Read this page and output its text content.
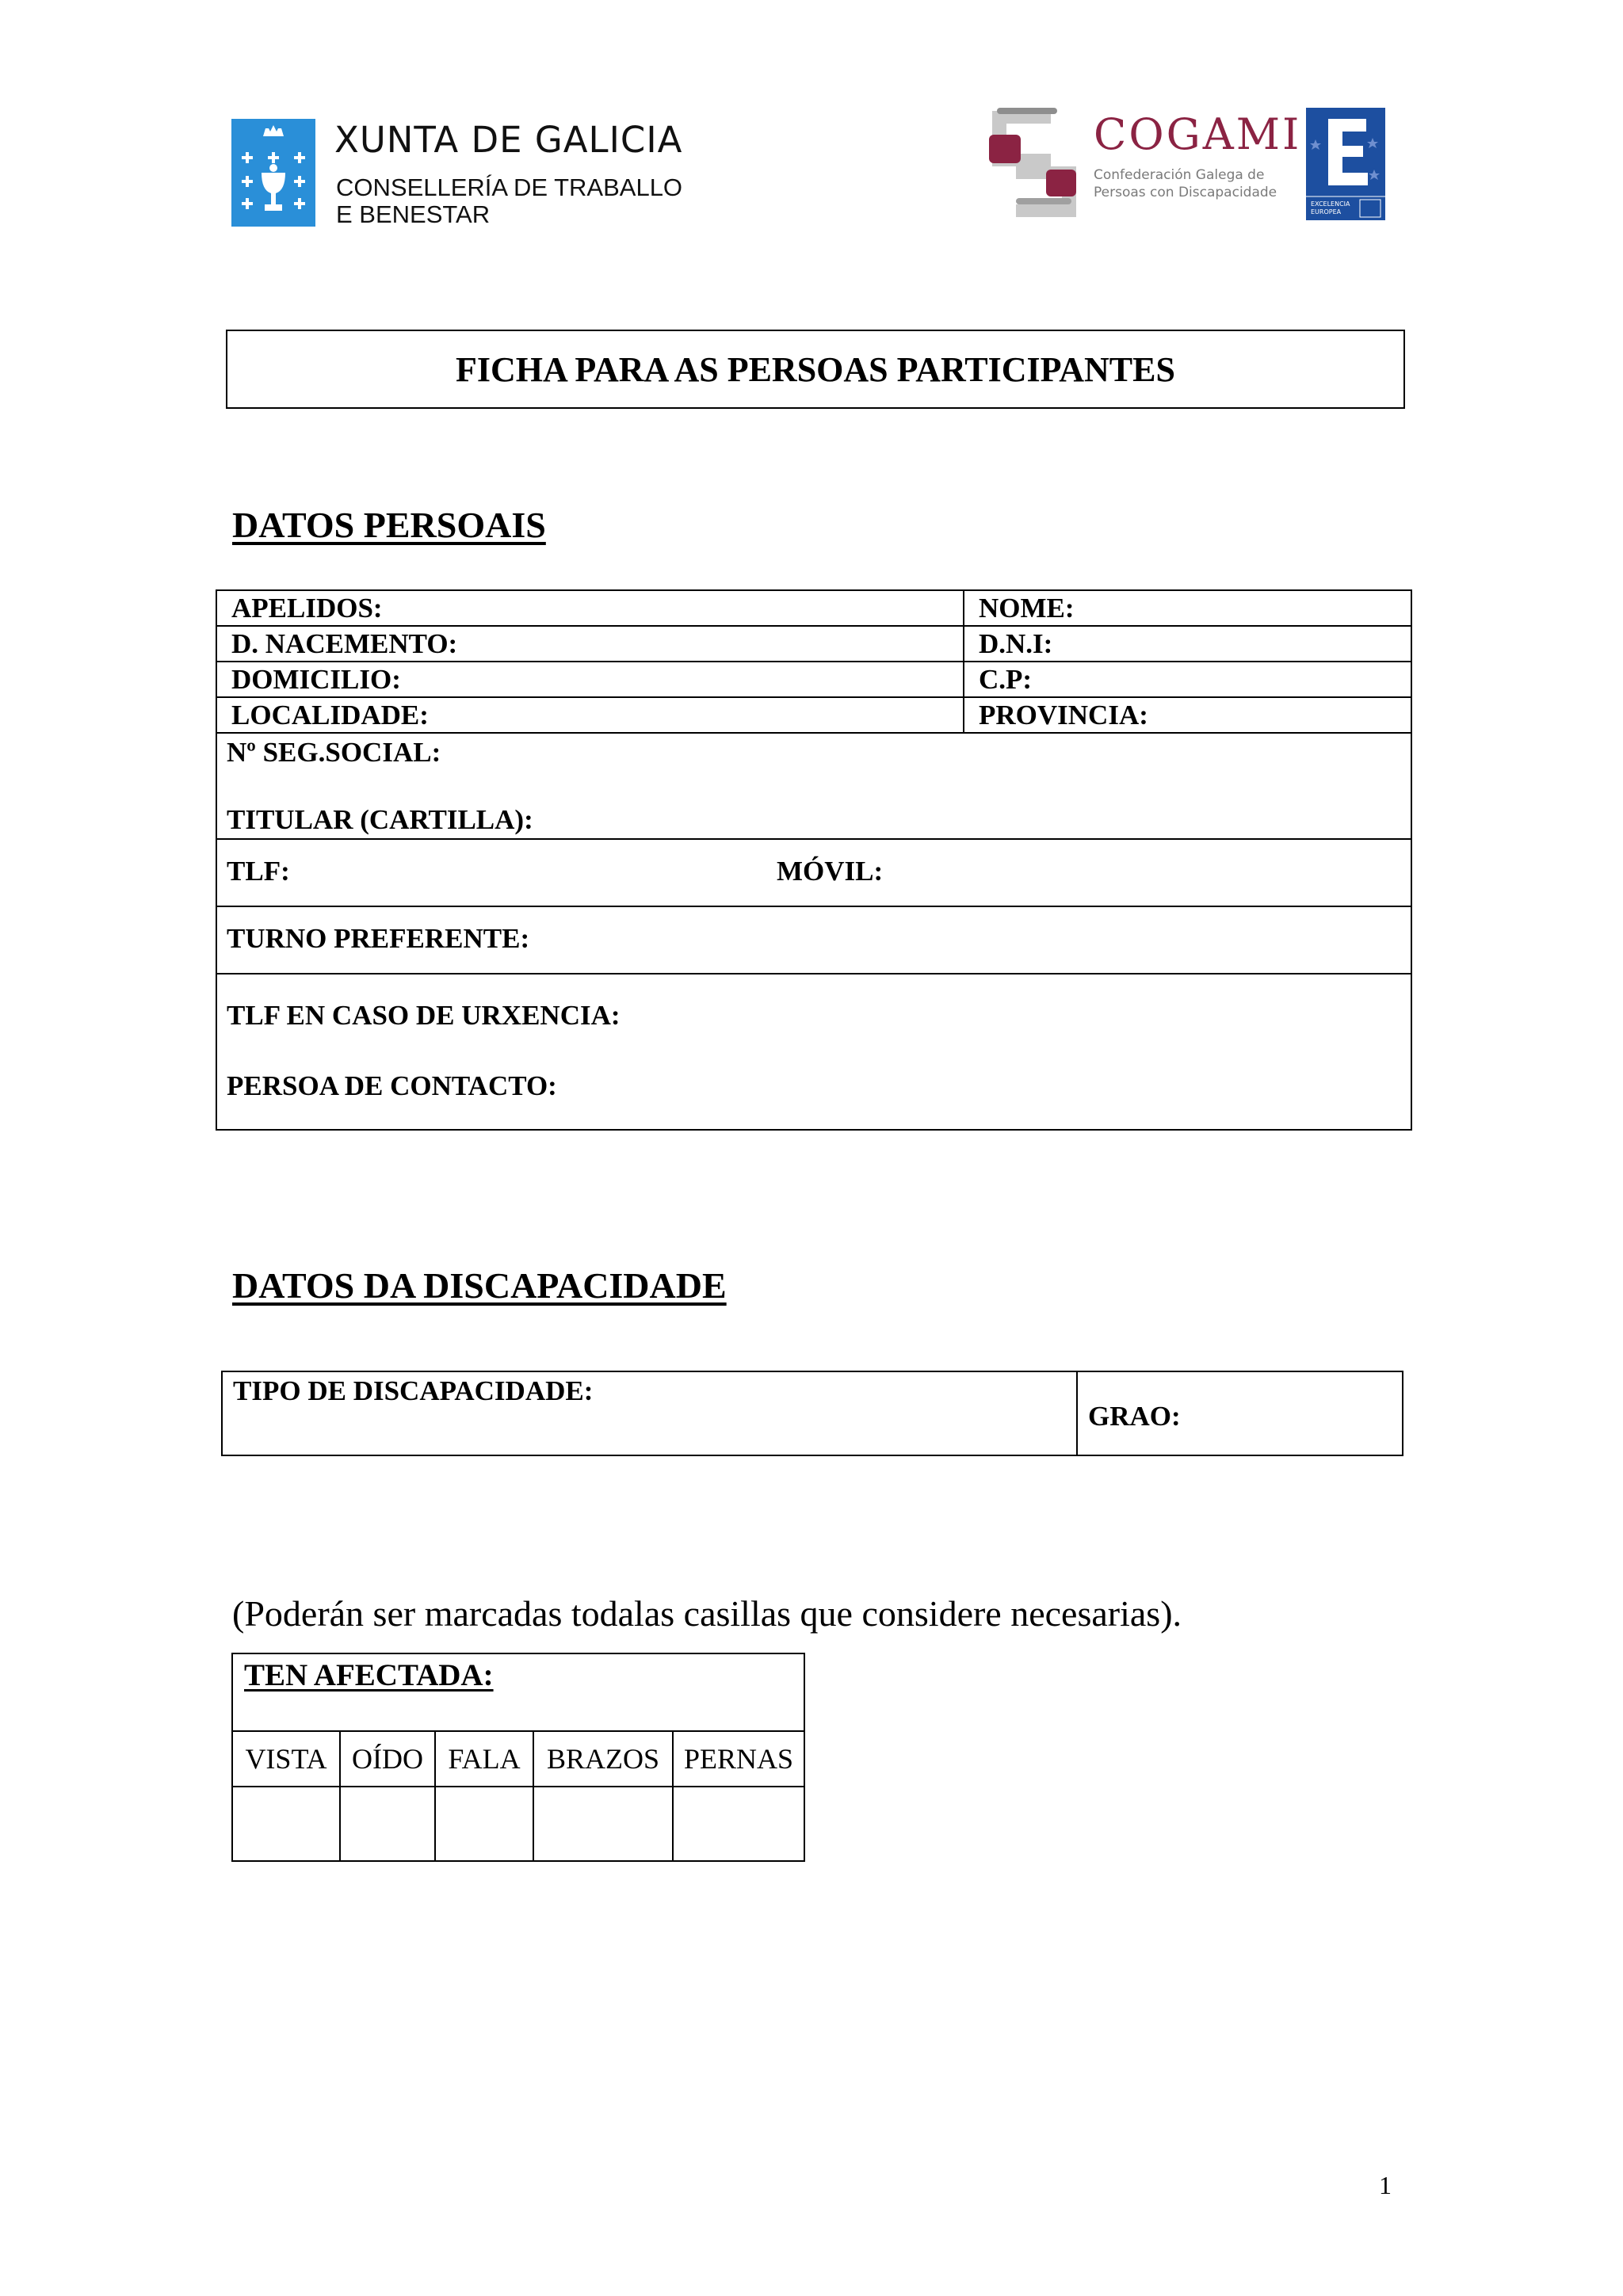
XUNTA DE GALICIA
CONSELLERÍA DE TRABALLO
E BENESTAR
COGAMI
Confederación Galega de
Persoas con Discapacidade
EXCELENCIA
EUROPEA
FICHA PARA AS PERSOAS PARTICIPANTES
DATOS PERSOAIS
APELIDOS:	NOME:
D. NACEMENTO:	D.N.I:
DOMICILIO:	C.P:
LOCALIDADE:	PROVINCIA:
Nº SEG.SOCIAL:
TITULAR (CARTILLA):
TLF:	MÓVIL:
TURNO PREFERENTE:
TLF EN CASO DE URXENCIA:
PERSOA DE CONTACTO:
DATOS DA DISCAPACIDADE
TIPO DE DISCAPACIDADE:
GRAO:
(Poderán ser marcadas todalas casillas que considere necesarias).
TEN AFECTADA:				
VISTA	OÍDO	FALA	BRAZOS	PERNAS

1
